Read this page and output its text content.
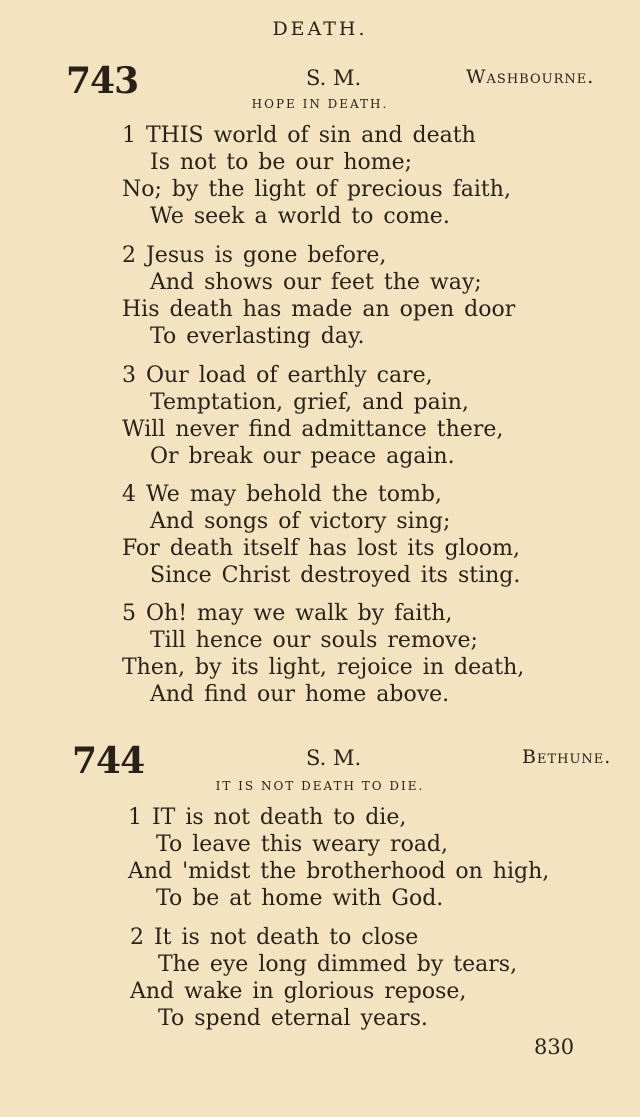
DEATH.
743	S. M.	Washbourne.
HOPE IN DEATH.
1 THIS world of sin and death
Is not to be our home;
No; by the light of precious faith,
We seek a world to come.
2 Jesus is gone before,
And shows our feet the way;
His death has made an open door
To everlasting day.
3 Our load of earthly care,
Temptation, grief, and pain,
Will never find admittance there,
Or break our peace again.
4 We may behold the tomb,
And songs of victory sing;
For death itself has lost its gloom,
Since Christ destroyed its sting.
5 Oh! may we walk by faith,
Till hence our souls remove;
Then, by its light, rejoice in death,
And find our home above.
744	S. M.	Bethune.
IT IS NOT DEATH TO DIE.
1 IT is not death to die,
To leave this weary road,
And 'midst the brotherhood on high,
To be at home with God.
2 It is not death to close
The eye long dimmed by tears,
And wake in glorious repose,
To spend eternal years.
830
